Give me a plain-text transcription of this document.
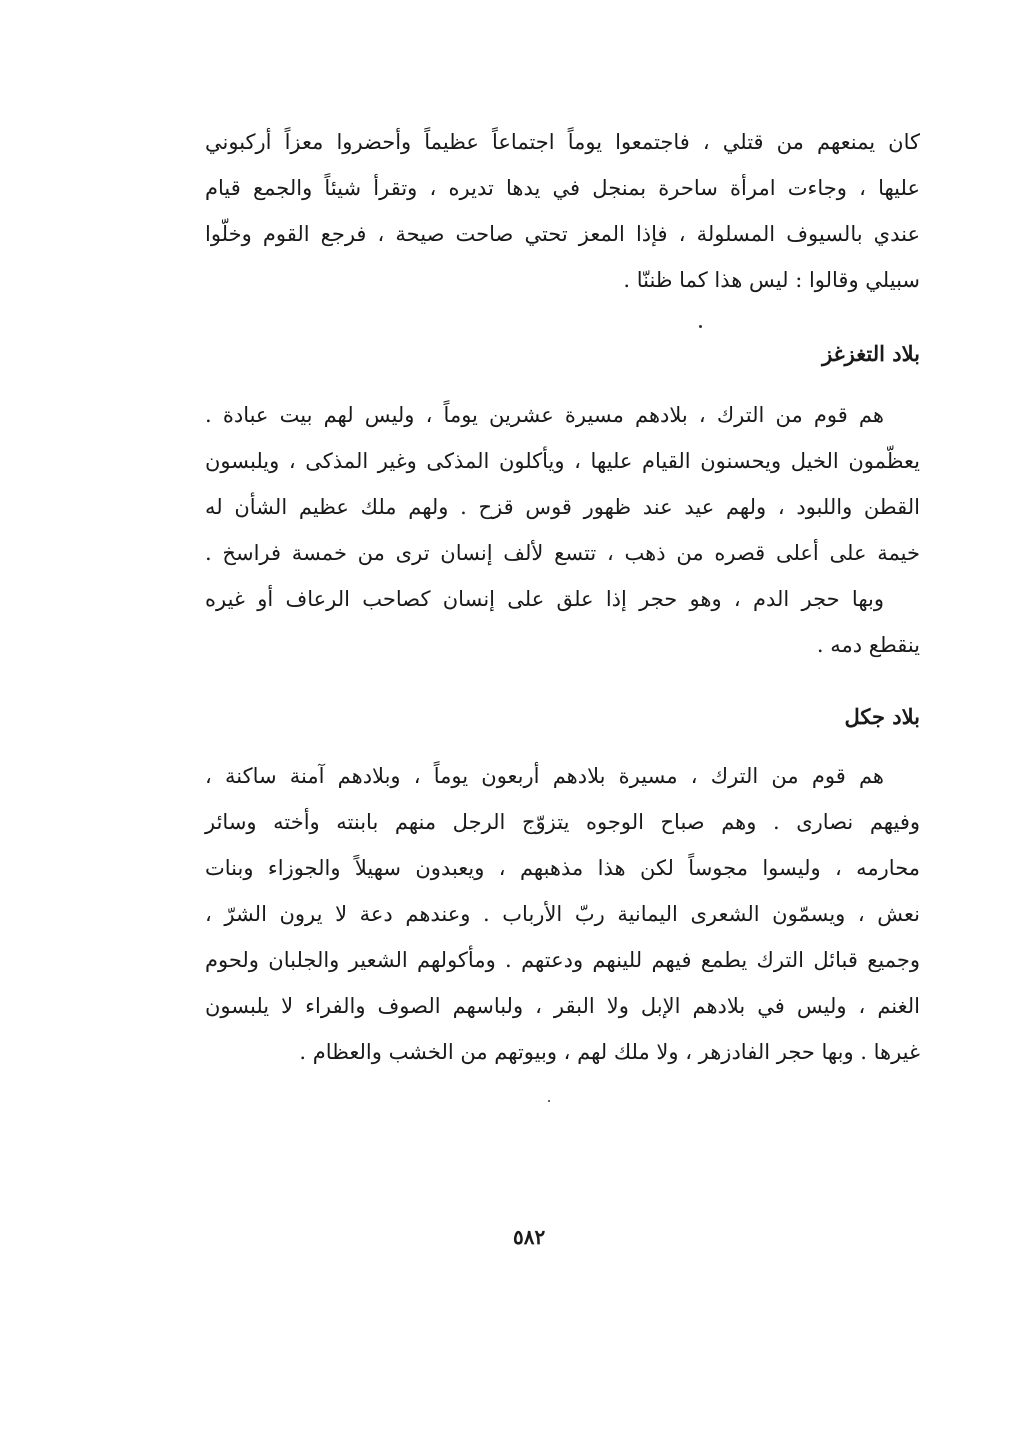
كان يمنعهم من قتلي ، فاجتمعوا يوماً اجتماعاً عظيماً وأحضروا معزاً أركبوني
عليها ، وجاءت امرأة ساحرة بمنجل في يدها تديره ، وتقرأ شيئاً والجمع قيام
عندي بالسيوف المسلولة ، فإذا المعز تحتي صاحت صيحة ، فرجع القوم وخلّوا
سبيلي وقالوا : ليس هذا كما ظننّا .
بلاد التغزغز
هم قوم من الترك ، بلادهم مسيرة عشرين يوماً ، وليس لهم بيت عبادة .
يعظّمون الخيل ويحسنون القيام عليها ، ويأكلون المذكى وغير المذكى ، ويلبسون
القطن واللبود ، ولهم عيد عند ظهور قوس قزح . ولهم ملك عظيم الشأن له
خيمة على أعلى قصره من ذهب ، تتسع لألف إنسان ترى من خمسة فراسخ .
وبها حجر الدم ، وهو حجر إذا علق على إنسان كصاحب الرعاف أو غيره
ينقطع دمه .
بلاد جكل
هم قوم من الترك ، مسيرة بلادهم أربعون يوماً ، وبلادهم آمنة ساكنة ،
وفيهم نصارى . وهم صباح الوجوه يتزوّج الرجل منهم بابنته وأخته وسائر
محارمه ، وليسوا مجوساً لكن هذا مذهبهم ، ويعبدون سهيلاً والجوزاء وبنات
نعش ، ويسمّون الشعرى اليمانية ربّ الأرباب . وعندهم دعة لا يرون الشرّ ،
وجميع قبائل الترك يطمع فيهم للينهم ودعتهم . ومأكولهم الشعير والجلبان ولحوم
الغنم ، وليس في بلادهم الإبل ولا البقر ، ولباسهم الصوف والفراء لا يلبسون
غيرها . وبها حجر الفادزهر ، ولا ملك لهم ، وبيوتهم من الخشب والعظام .
٥٨٢
